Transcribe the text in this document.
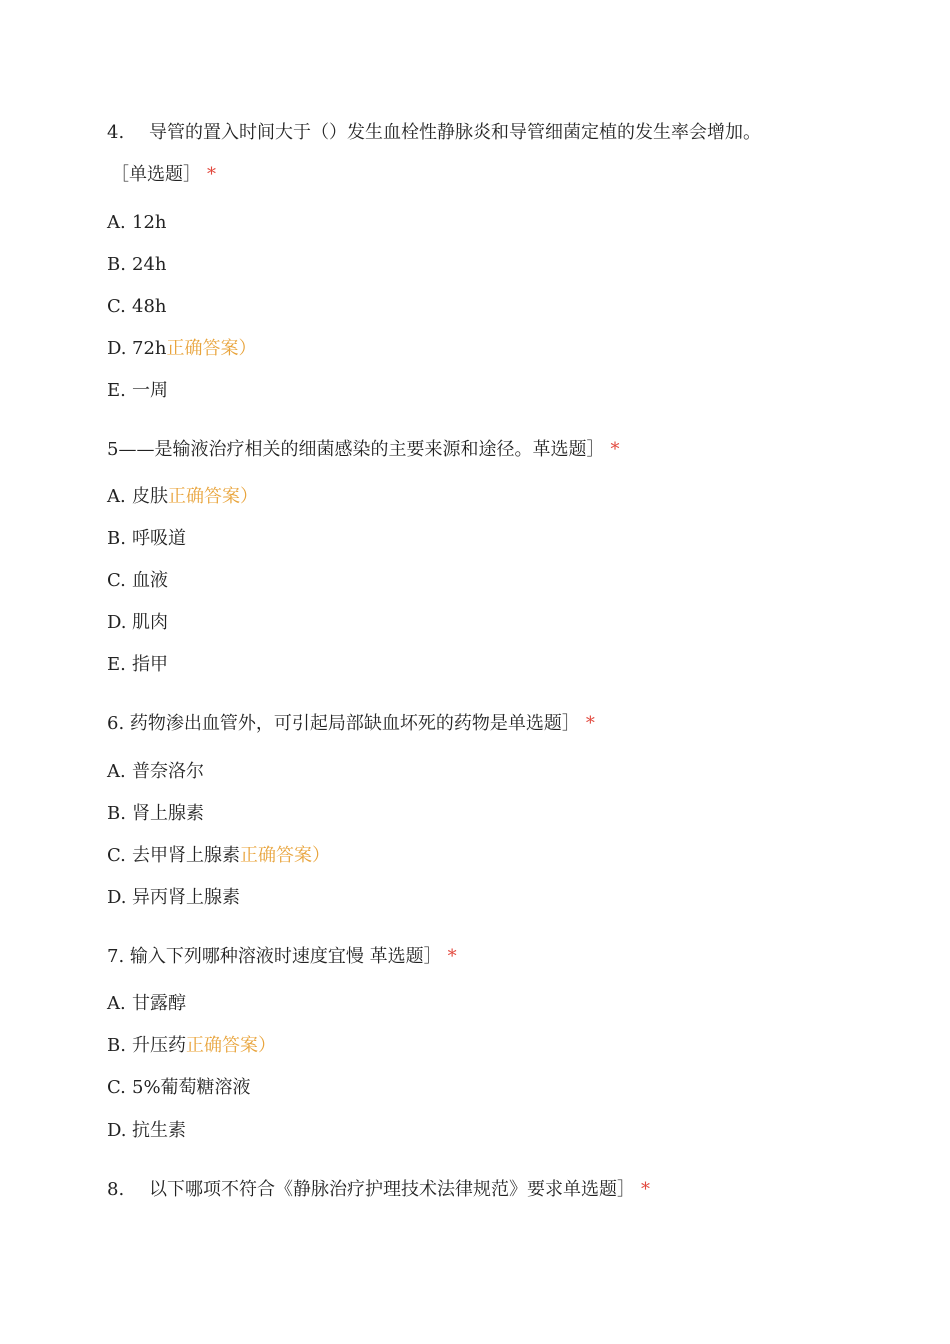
4. 导管的置入时间大于（）发生血栓性静脉炎和导管细菌定植的发生率会增加。
［单选题］ *
A. 12h
B. 24h
C. 48h
D. 72h正确答案）
E. 一周
5——是输液治疗相关的细菌感染的主要来源和途径。革选题］ *
A. 皮肤正确答案）
B. 呼吸道
C. 血液
D. 肌肉
E. 指甲
6. 药物渗出血管外，可引起局部缺血坏死的药物是单选题］ *
A. 普奈洛尔
B. 肾上腺素
C. 去甲肾上腺素正确答案）
D. 异丙肾上腺素
7. 输入下列哪种溶液时速度宜慢 革选题］ *
A. 甘露醇
B. 升压药正确答案）
C. 5%葡萄糖溶液
D. 抗生素
8. 以下哪项不符合《静脉治疗护理技术法律规范》要求单选题］ *
